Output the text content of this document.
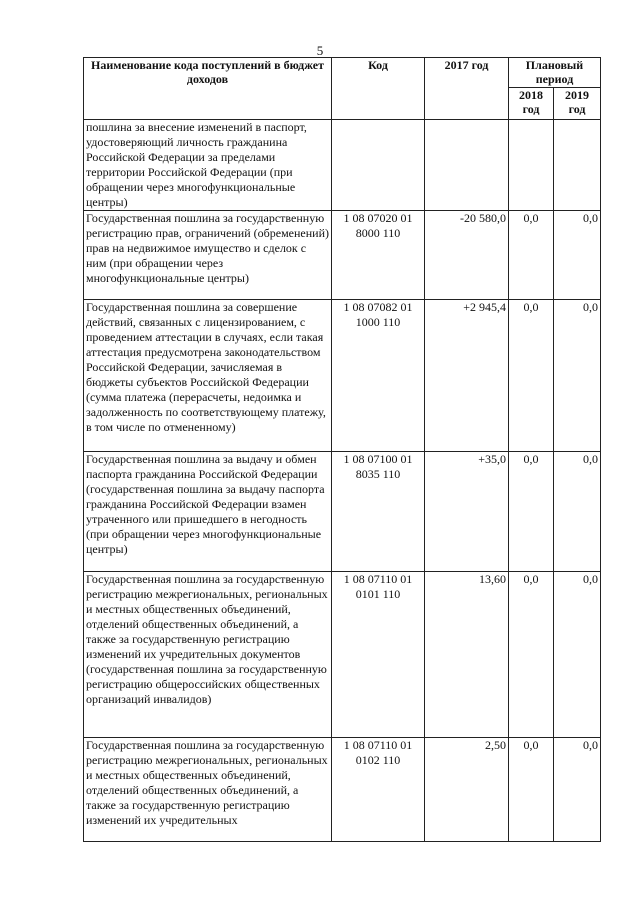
5
Наименование кода поступлений в бюджет доходов	Код	2017 год	Плановый период	
			2018 год	2019 год
пошлина за внесение изменений в паспорт, удостоверяющий личность гражданина Российской Федерации за пределами территории Российской Федерации (при обращении через многофункциональные центры)				
Государственная пошлина за государственную регистрацию прав, ограничений (обременений) прав на недвижимое имущество и сделок с ним (при обращении через многофункциональные центры)	1 08 07020 01 8000 110	-20 580,0	0,0	0,0
Государственная пошлина за совершение действий, связанных с лицензированием, с проведением аттестации в случаях, если такая аттестация предусмотрена законодательством Российской Федерации, зачисляемая в бюджеты субъектов Российской Федерации (сумма платежа (перерасчеты, недоимка и задолженность по соответствующему платежу, в том числе по отмененному)	1 08 07082 01 1000 110	+2 945,4	0,0	0,0
Государственная пошлина за выдачу и обмен паспорта гражданина Российской Федерации (государственная пошлина за выдачу паспорта гражданина Российской Федерации взамен утраченного или пришедшего в негодность (при обращении через многофункциональные центры)	1 08 07100 01 8035 110	+35,0	0,0	0,0
Государственная пошлина за государственную регистрацию межрегиональных, региональных и местных общественных объединений, отделений общественных объединений, а также за государственную регистрацию изменений их учредительных документов (государственная пошлина за государственную регистрацию общероссийских общественных организаций инвалидов)	1 08 07110 01 0101 110	13,60	0,0	0,0
Государственная пошлина за государственную регистрацию межрегиональных, региональных и местных общественных объединений, отделений общественных объединений, а также за государственную регистрацию изменений их учредительных	1 08 07110 01 0102 110	2,50	0,0	0,0
